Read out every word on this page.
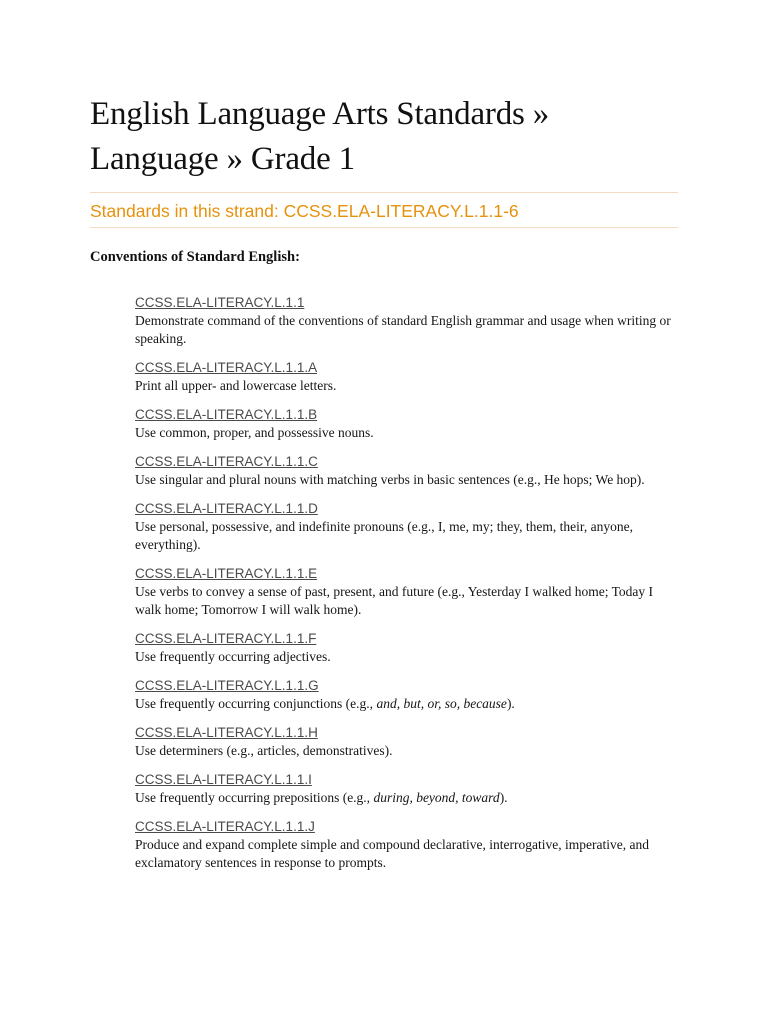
English Language Arts Standards »
Language » Grade 1
Standards in this strand: CCSS.ELA-LITERACY.L.1.1-6
Conventions of Standard English:
CCSS.ELA-LITERACY.L.1.1
Demonstrate command of the conventions of standard English grammar and usage when writing or speaking.
CCSS.ELA-LITERACY.L.1.1.A
Print all upper- and lowercase letters.
CCSS.ELA-LITERACY.L.1.1.B
Use common, proper, and possessive nouns.
CCSS.ELA-LITERACY.L.1.1.C
Use singular and plural nouns with matching verbs in basic sentences (e.g., He hops; We hop).
CCSS.ELA-LITERACY.L.1.1.D
Use personal, possessive, and indefinite pronouns (e.g., I, me, my; they, them, their, anyone, everything).
CCSS.ELA-LITERACY.L.1.1.E
Use verbs to convey a sense of past, present, and future (e.g., Yesterday I walked home; Today I walk home; Tomorrow I will walk home).
CCSS.ELA-LITERACY.L.1.1.F
Use frequently occurring adjectives.
CCSS.ELA-LITERACY.L.1.1.G
Use frequently occurring conjunctions (e.g., and, but, or, so, because).
CCSS.ELA-LITERACY.L.1.1.H
Use determiners (e.g., articles, demonstratives).
CCSS.ELA-LITERACY.L.1.1.I
Use frequently occurring prepositions (e.g., during, beyond, toward).
CCSS.ELA-LITERACY.L.1.1.J
Produce and expand complete simple and compound declarative, interrogative, imperative, and exclamatory sentences in response to prompts.
